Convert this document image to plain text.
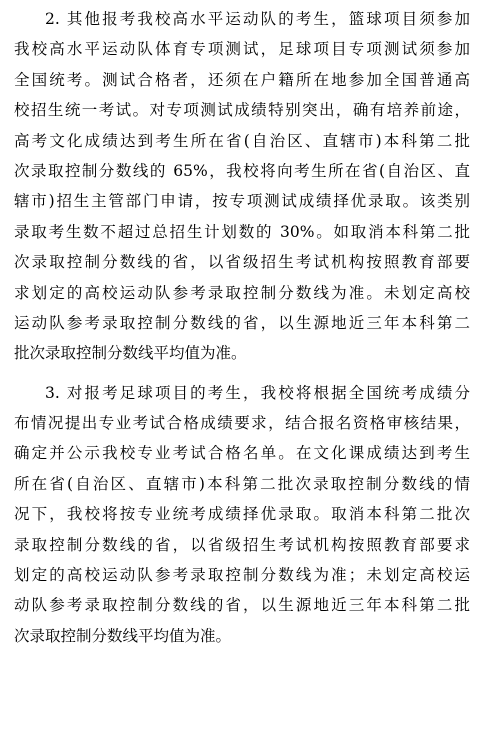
2. 其他报考我校高水平运动队的考生，篮球项目须参加
我校高水平运动队体育专项测试，足球项目专项测试须参加
全国统考。测试合格者，还须在户籍所在地参加全国普通高
校招生统一考试。对专项测试成绩特别突出，确有培养前途，
高考文化成绩达到考生所在省(自治区、直辖市)本科第二批
次录取控制分数线的 65%，我校将向考生所在省(自治区、直
辖市)招生主管部门申请，按专项测试成绩择优录取。该类别
录取考生数不超过总招生计划数的 30%。如取消本科第二批
次录取控制分数线的省，以省级招生考试机构按照教育部要
求划定的高校运动队参考录取控制分数线为准。未划定高校
运动队参考录取控制分数线的省，以生源地近三年本科第二
批次录取控制分数线平均值为准。
3. 对报考足球项目的考生，我校将根据全国统考成绩分
布情况提出专业考试合格成绩要求，结合报名资格审核结果，
确定并公示我校专业考试合格名单。在文化课成绩达到考生
所在省(自治区、直辖市)本科第二批次录取控制分数线的情
况下，我校将按专业统考成绩择优录取。取消本科第二批次
录取控制分数线的省，以省级招生考试机构按照教育部要求
划定的高校运动队参考录取控制分数线为准；未划定高校运
动队参考录取控制分数线的省，以生源地近三年本科第二批
次录取控制分数线平均值为准。
